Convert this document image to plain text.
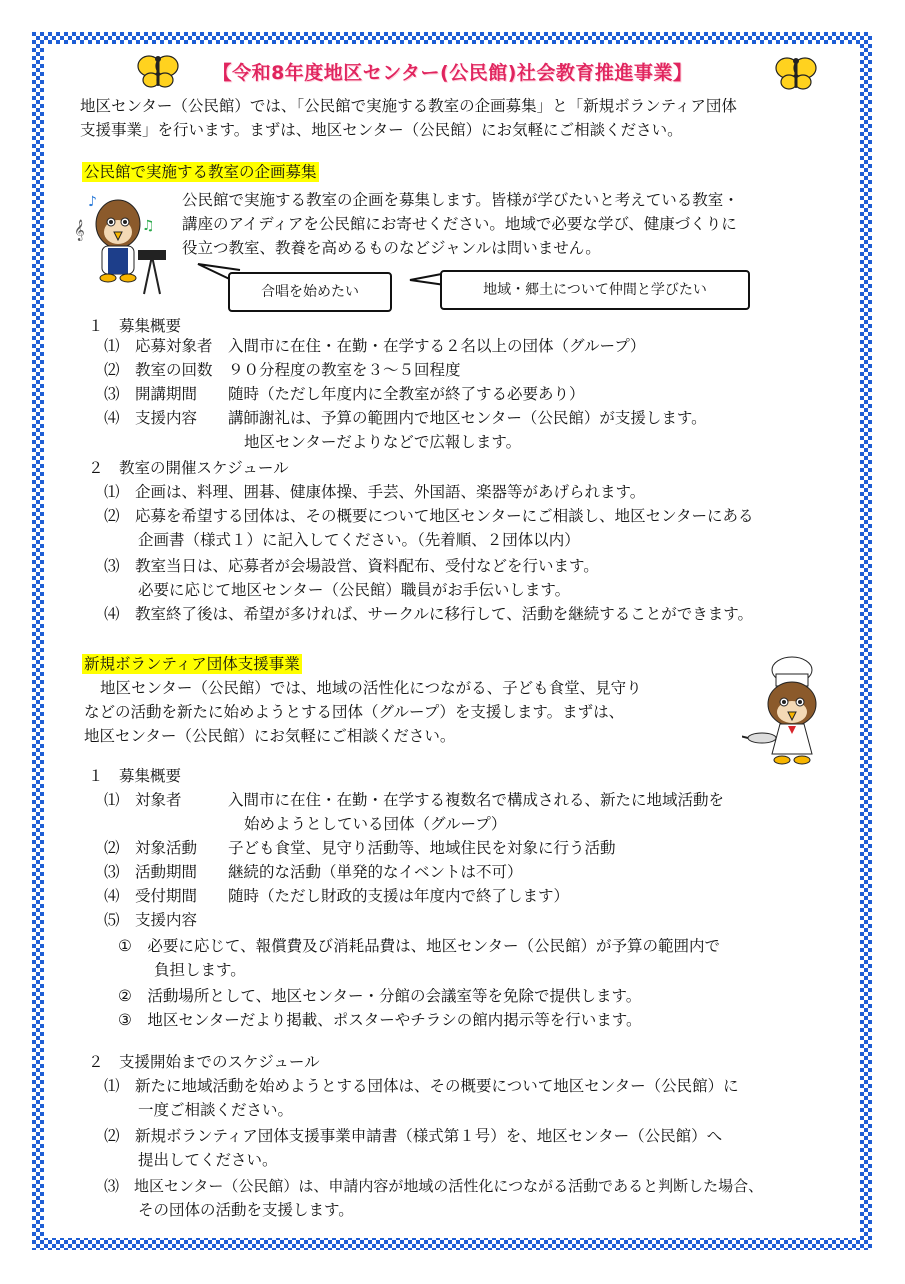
【令和8年度地区センター(公民館)社会教育推進事業】
地区センター（公民館）では、「公民館で実施する教室の企画募集」と「新規ボランティア団体
支援事業」を行います。まずは、地区センター（公民館）にお気軽にご相談ください。
公民館で実施する教室の企画募集
♪
♫
𝄞
公民館で実施する教室の企画を募集します。皆様が学びたいと考えている教室・
講座のアイディアを公民館にお寄せください。地域で必要な学び、健康づくりに
役立つ教室、教養を高めるものなどジャンルは問いません。
合唱を始めたい	地域・郷土について仲間と学びたい
１　募集概要
⑴　応募対象者　入間市に在住・在勤・在学する２名以上の団体（グループ）
⑵　教室の回数　９０分程度の教室を３～５回程度
⑶　開講期間　　随時（ただし年度内に全教室が終了する必要あり）
⑷　支援内容　　講師謝礼は、予算の範囲内で地区センター（公民館）が支援します。
地区センターだよりなどで広報します。
２　教室の開催スケジュール
⑴　企画は、料理、囲碁、健康体操、手芸、外国語、楽器等があげられます。
⑵　応募を希望する団体は、その概要について地区センターにご相談し、地区センターにある
企画書（様式１）に記入してください。（先着順、２団体以内）
⑶　教室当日は、応募者が会場設営、資料配布、受付などを行います。
必要に応じて地区センター（公民館）職員がお手伝いします。
⑷　教室終了後は、希望が多ければ、サークルに移行して、活動を継続することができます。
新規ボランティア団体支援事業
地区センター（公民館）では、地域の活性化につながる、子ども食堂、見守り
などの活動を新たに始めようとする団体（グループ）を支援します。まずは、
地区センター（公民館）にお気軽にご相談ください。
１　募集概要
⑴　対象者　　　入間市に在住・在勤・在学する複数名で構成される、新たに地域活動を
始めようとしている団体（グループ）
⑵　対象活動　　子ども食堂、見守り活動等、地域住民を対象に行う活動
⑶　活動期間　　継続的な活動（単発的なイベントは不可）
⑷　受付期間　　随時（ただし財政的支援は年度内で終了します）
⑸　支援内容
①　必要に応じて、報償費及び消耗品費は、地区センター（公民館）が予算の範囲内で
負担します。
②　活動場所として、地区センター・分館の会議室等を免除で提供します。
③　地区センターだより掲載、ポスターやチラシの館内掲示等を行います。
２　支援開始までのスケジュール
⑴　新たに地域活動を始めようとする団体は、その概要について地区センター（公民館）に
一度ご相談ください。
⑵　新規ボランティア団体支援事業申請書（様式第１号）を、地区センター（公民館）へ
提出してください。
⑶　地区センター（公民館）は、申請内容が地域の活性化につながる活動であると判断した場合、
その団体の活動を支援します。
